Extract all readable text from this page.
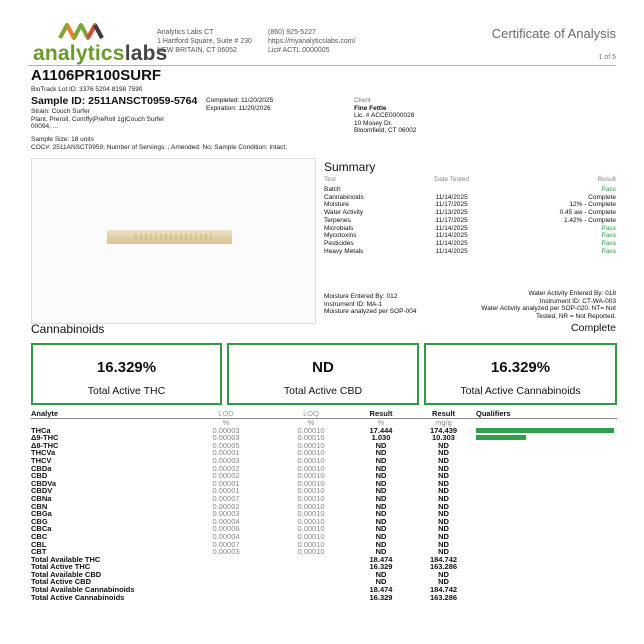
analyticslabs
Analytics Labs CT
1 Hartford Square, Suite # 230
NEW BRITAIN, CT 06052
(860) 925-5227
https://myanalyticslabs.com/
Lic# ACTL.0000005
Certificate of Analysis
1 of 5
A1106PR100SURF
BioTrack Lot ID: 3376 5204 8198 7590
Sample ID: 2511ANSCT0959-5764
Strain: Couch Surfer
Plant, Preroll, Comffy|PreRoll 1g|Couch Surfer
00094, ...
Completed: 11/20/2025
Expiration: 11/20/2026
Client
Fine Fettle
Lic. # ACCE0000028
10 Mosey Dr.
Bloomfield, CT 06002
Sample Size: 18 units
COC#: 2511ANSCT0959; Number of Servings: ; Amended: No; Sample Condition: Intact;
Summary
Test	Date Tested	Result
Batch		Pass
Cannabinoids	11/14/2025	Complete
Moisture	11/17/2025	12% - Complete
Water Activity	11/13/2025	0.45 aw - Complete
Terpenes	11/17/2025	1.42% - Complete
Microbials	11/14/2025	Pass
Mycotoxins	11/14/2025	Pass
Pesticides	11/14/2025	Pass
Heavy Metals	11/14/2025	Pass
Moisture Entered By: 012
Instrument ID: MA-1
Moisture analyzed per SOP-004
Water Activity Entered By: 018
Instrument ID: CT-WA-003
Water Activity analyzed per SOP-020. NT= Not
Tested, NR = Not Reported.
Cannabinoids	Complete
16.329%
Total Active THC
ND
Total Active CBD
16.329%
Total Active Cannabinoids
Analyte	LOD	LOQ	Result	Result	Qualifiers
	%	%	%	mg/g	
THCa	0.00003	0.00010	17.444	174.439	

Δ9-THC	0.00003	0.00010	1.030	10.303	

Δ8-THC	0.00005	0.00010	ND	ND	
THCVa	0.00001	0.00010	ND	ND	
THCV	0.00003	0.00010	ND	ND	
CBDa	0.00002	0.00010	ND	ND	
CBD	0.00002	0.00010	ND	ND	
CBDVa	0.00001	0.00010	ND	ND	
CBDV	0.00001	0.00010	ND	ND	
CBNa	0.00007	0.00010	ND	ND	
CBN	0.00002	0.00010	ND	ND	
CBGa	0.00003	0.00010	ND	ND	
CBG	0.00004	0.00010	ND	ND	
CBCa	0.00006	0.00010	ND	ND	
CBC	0.00004	0.00010	ND	ND	
CBL	0.00007	0.00010	ND	ND	
CBT	0.00003	0.00010	ND	ND	
Total Available THC			18.474	184.742	
Total Active THC			16.329	163.286	
Total Available CBD			ND	ND	
Total Active CBD			ND	ND	
Total Available Cannabinoids			18.474	184.742	
Total Active Cannabinoids			16.329	163.286	
